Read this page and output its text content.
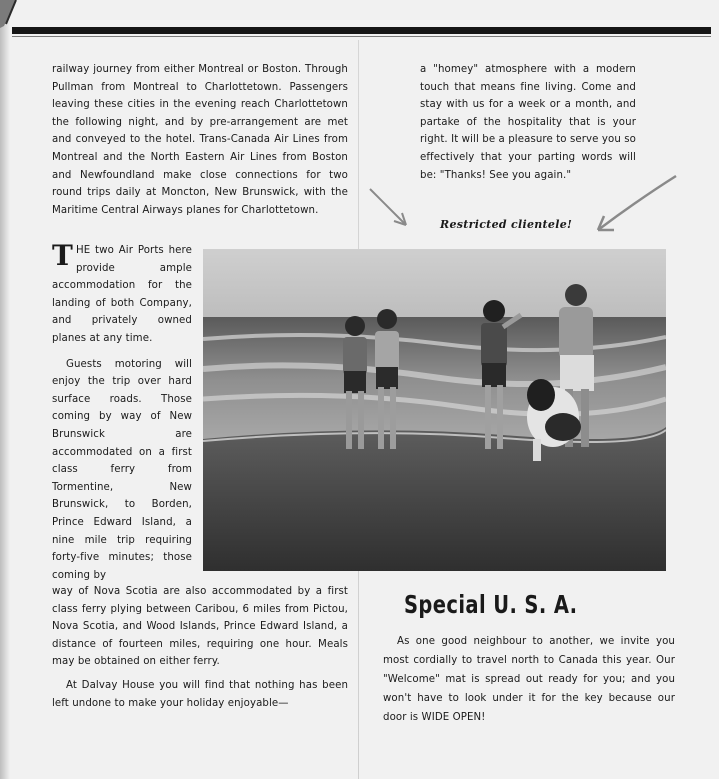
railway journey from either Montreal or Boston. Through Pullman from Montreal to Charlottetown. Passengers leaving these cities in the evening reach Charlottetown the following night, and by pre-arrangement are met and conveyed to the hotel. Trans-Canada Air Lines from Montreal and the North Eastern Air Lines from Boston and Newfoundland make close connections for two round trips daily at Moncton, New Brunswick, with the Maritime Central Airways planes for Charlottetown.

a "homey" atmosphere with a modern touch that means fine living. Come and stay with us for a week or a month, and partake of the hospitality that is your right. It will be a pleasure to serve you so effectively that your parting words will be: "Thanks! See you again."

Restricted clientele!

THE two Air Ports here provide ample accommodation for the landing of both Company, and privately owned planes at any time.

Guests motoring will enjoy the trip over hard surface roads. Those coming by way of New Brunswick are accommodated on a first class ferry from Tormentine, New Brunswick, to Borden, Prince Edward Island, a nine mile trip requiring forty-five minutes; those coming by

way of Nova Scotia are also accommodated by a first class ferry plying between Caribou, 6 miles from Pictou, Nova Scotia, and Wood Islands, Prince Edward Island, a distance of fourteen miles, requiring one hour. Meals may be obtained on either ferry.

At Dalvay House you will find that nothing has been left undone to make your holiday enjoyable—

Special U. S. A.

As one good neighbour to another, we invite you most cordially to travel north to Canada this year. Our "Welcome" mat is spread out ready for you; and you won't have to look under it for the key because our door is WIDE OPEN!
